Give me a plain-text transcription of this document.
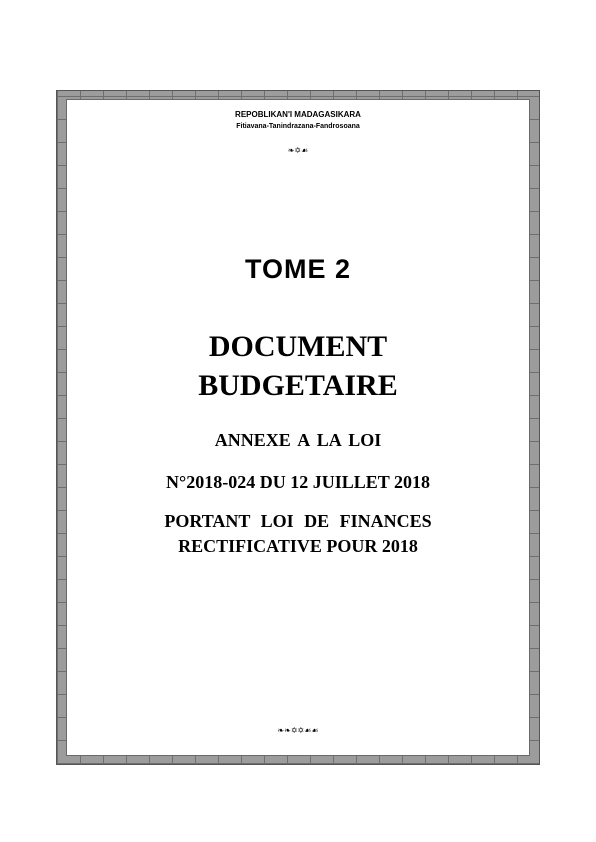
REPOBLIKAN'I MADAGASIKARA
Fitiavana-Tanindrazana-Fandrosoana
❧✡☙
TOME 2
DOCUMENT
BUDGETAIRE
ANNEXE A LA LOI
N°2018-024 DU 12 JUILLET 2018
PORTANT LOI DE FINANCES
RECTIFICATIVE POUR 2018
❧❧✡✡☙☙
